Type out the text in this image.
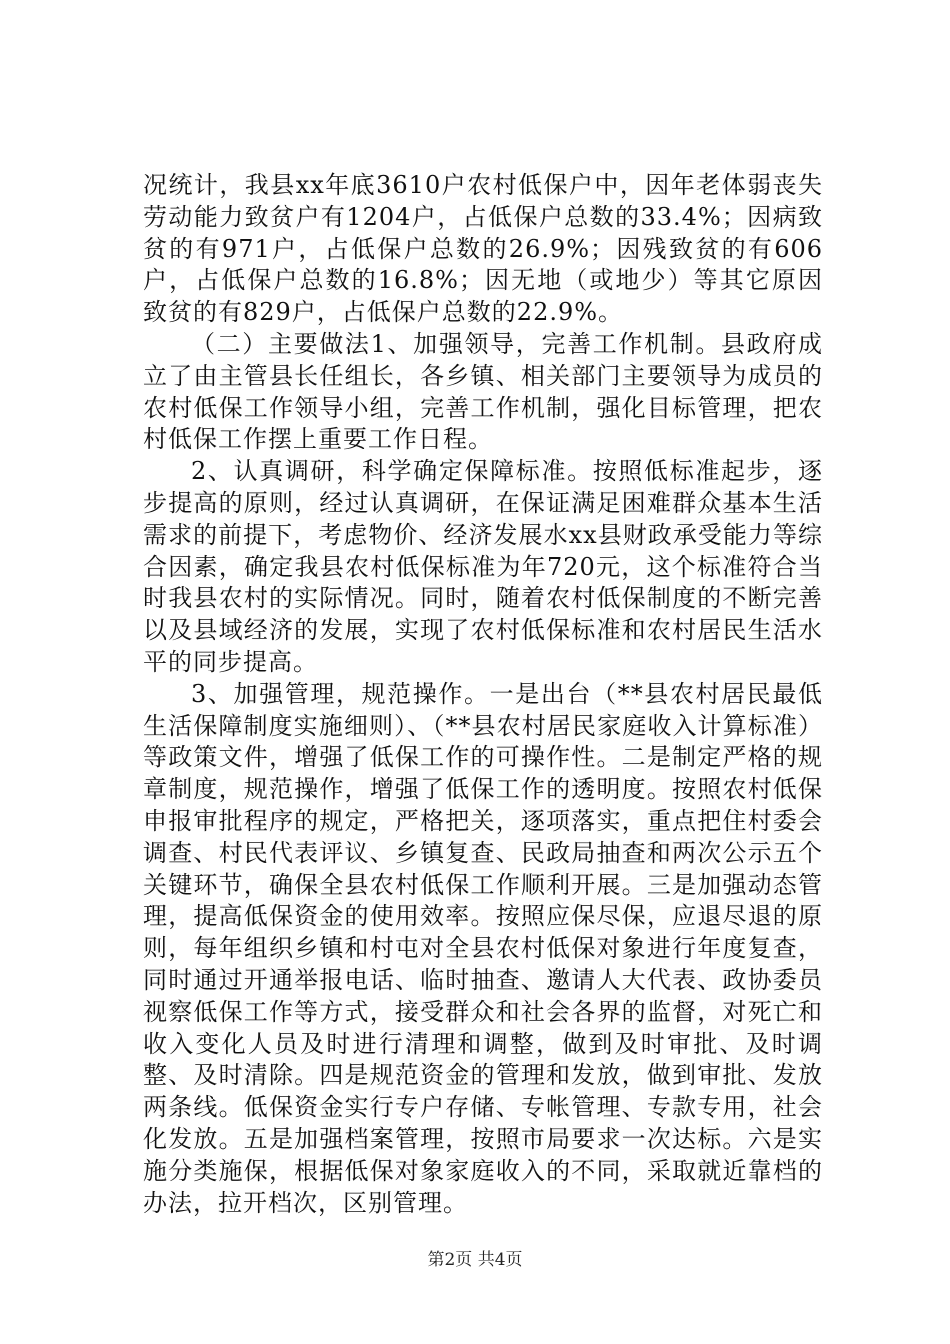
况统计，我县xx年底3610户农村低保户中，因年老体弱丧失劳动能力致贫户有1204户，占低保户总数的33.4%；因病致贫的有971户，占低保户总数的26.9%；因残致贫的有606户，占低保户总数的16.8%；因无地（或地少）等其它原因致贫的有829户，占低保户总数的22.9%。

（二）主要做法1、加强领导，完善工作机制。县政府成立了由主管县长任组长，各乡镇、相关部门主要领导为成员的农村低保工作领导小组，完善工作机制，强化目标管理，把农村低保工作摆上重要工作日程。

2、认真调研，科学确定保障标准。按照低标准起步，逐步提高的原则，经过认真调研，在保证满足困难群众基本生活需求的前提下，考虑物价、经济发展水xx县财政承受能力等综合因素，确定我县农村低保标准为年720元，这个标准符合当时我县农村的实际情况。同时，随着农村低保制度的不断完善以及县域经济的发展，实现了农村低保标准和农村居民生活水平的同步提高。

3、加强管理，规范操作。一是出台（**县农村居民最低生活保障制度实施细则）、（**县农村居民家庭收入计算标准）等政策文件，增强了低保工作的可操作性。二是制定严格的规章制度，规范操作，增强了低保工作的透明度。按照农村低保申报审批程序的规定，严格把关，逐项落实，重点把住村委会调查、村民代表评议、乡镇复查、民政局抽查和两次公示五个关键环节，确保全县农村低保工作顺利开展。三是加强动态管理，提高低保资金的使用效率。按照应保尽保，应退尽退的原则，每年组织乡镇和村屯对全县农村低保对象进行年度复查，同时通过开通举报电话、临时抽查、邀请人大代表、政协委员视察低保工作等方式，接受群众和社会各界的监督，对死亡和收入变化人员及时进行清理和调整，做到及时审批、及时调整、及时清除。四是规范资金的管理和发放，做到审批、发放两条线。低保资金实行专户存储、专帐管理、专款专用，社会化发放。五是加强档案管理，按照市局要求一次达标。六是实施分类施保，根据低保对象家庭收入的不同，采取就近靠档的办法，拉开档次，区别管理。

第2页 共4页
